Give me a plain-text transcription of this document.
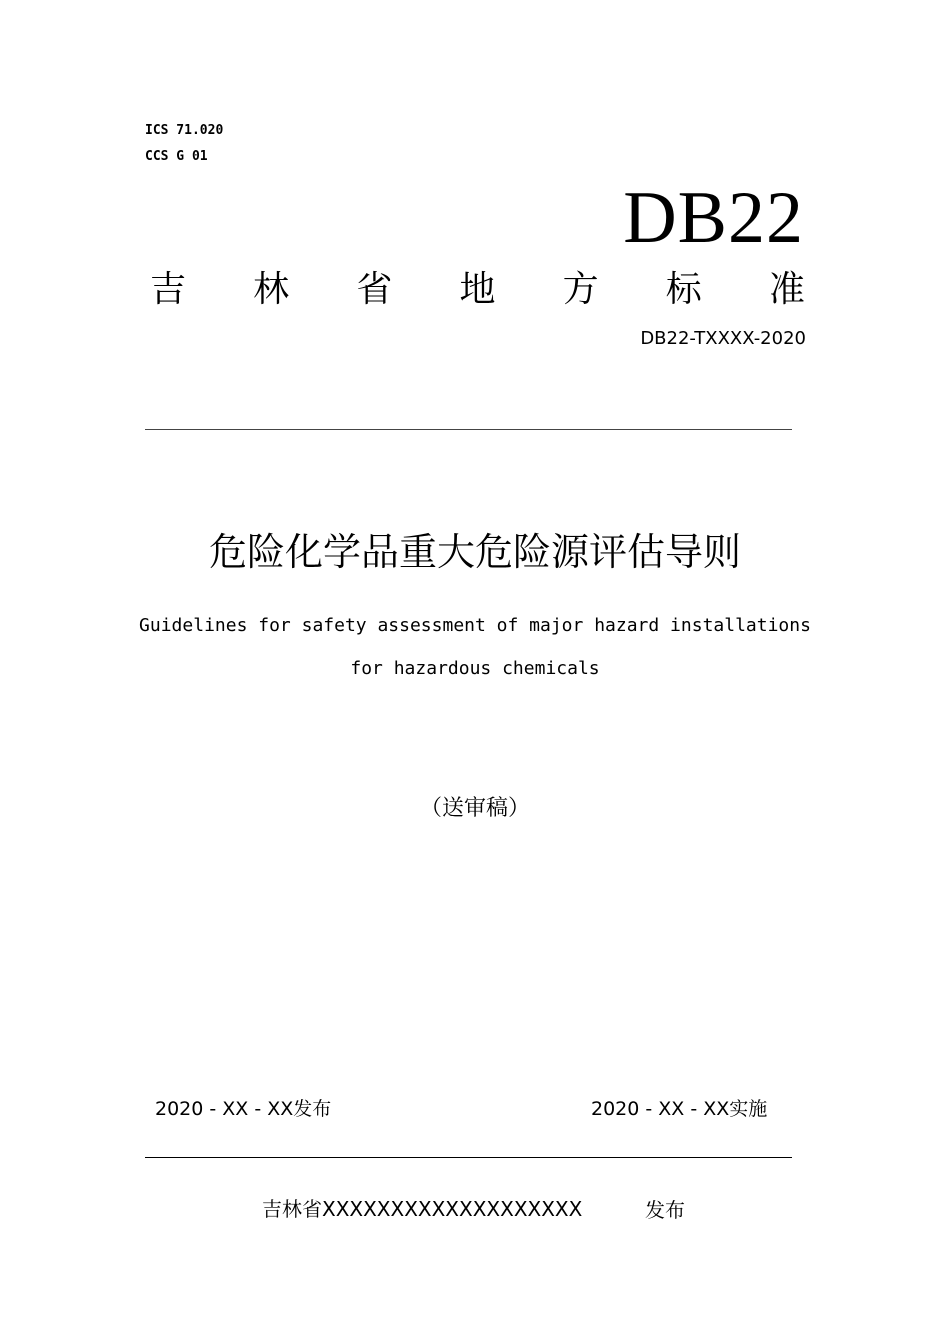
ICS 71.020
CCS G 01
DB22
吉 林 省 地 方 标 准
DB22-TXXXX-2020
危险化学品重大危险源评估导则
Guidelines for safety assessment of major hazard installations
for hazardous chemicals
（送审稿）
2020 - XX - XX发布	2020 - XX - XX实施
吉林省XXXXXXXXXXXXXXXXXXX	发布
